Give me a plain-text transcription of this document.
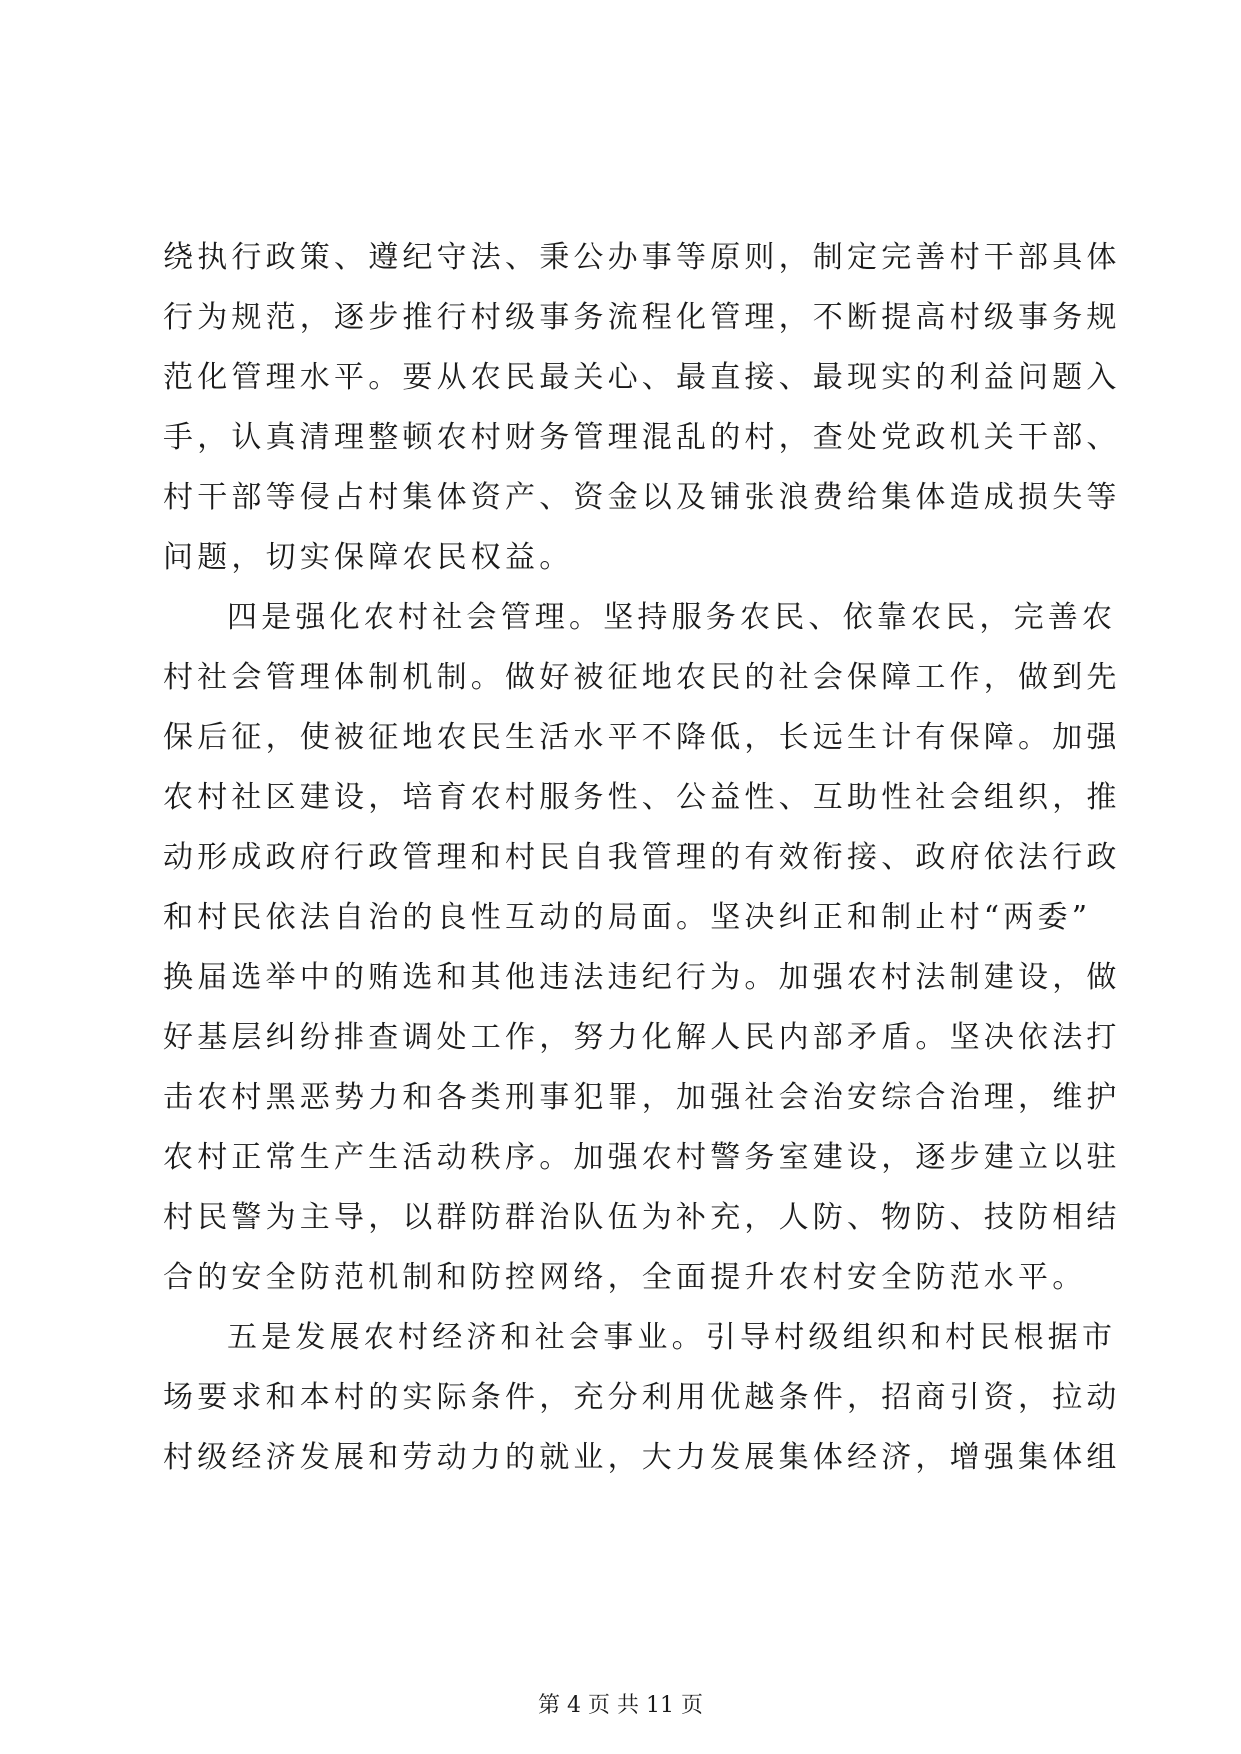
绕执行政策、遵纪守法、秉公办事等原则，制定完善村干部具体
行为规范，逐步推行村级事务流程化管理，不断提高村级事务规
范化管理水平。要从农民最关心、最直接、最现实的利益问题入
手，认真清理整顿农村财务管理混乱的村，查处党政机关干部、
村干部等侵占村集体资产、资金以及铺张浪费给集体造成损失等
问题，切实保障农民权益。
四是强化农村社会管理。坚持服务农民、依靠农民，完善农
村社会管理体制机制。做好被征地农民的社会保障工作，做到先
保后征，使被征地农民生活水平不降低，长远生计有保障。加强
农村社区建设，培育农村服务性、公益性、互助性社会组织，推
动形成政府行政管理和村民自我管理的有效衔接、政府依法行政
和村民依法自治的良性互动的局面。坚决纠正和制止村“两委”
换届选举中的贿选和其他违法违纪行为。加强农村法制建设，做
好基层纠纷排查调处工作，努力化解人民内部矛盾。坚决依法打
击农村黑恶势力和各类刑事犯罪，加强社会治安综合治理，维护
农村正常生产生活动秩序。加强农村警务室建设，逐步建立以驻
村民警为主导，以群防群治队伍为补充，人防、物防、技防相结
合的安全防范机制和防控网络，全面提升农村安全防范水平。
五是发展农村经济和社会事业。引导村级组织和村民根据市
场要求和本村的实际条件，充分利用优越条件，招商引资，拉动
村级经济发展和劳动力的就业，大力发展集体经济，增强集体组
第 4 页 共 11 页
